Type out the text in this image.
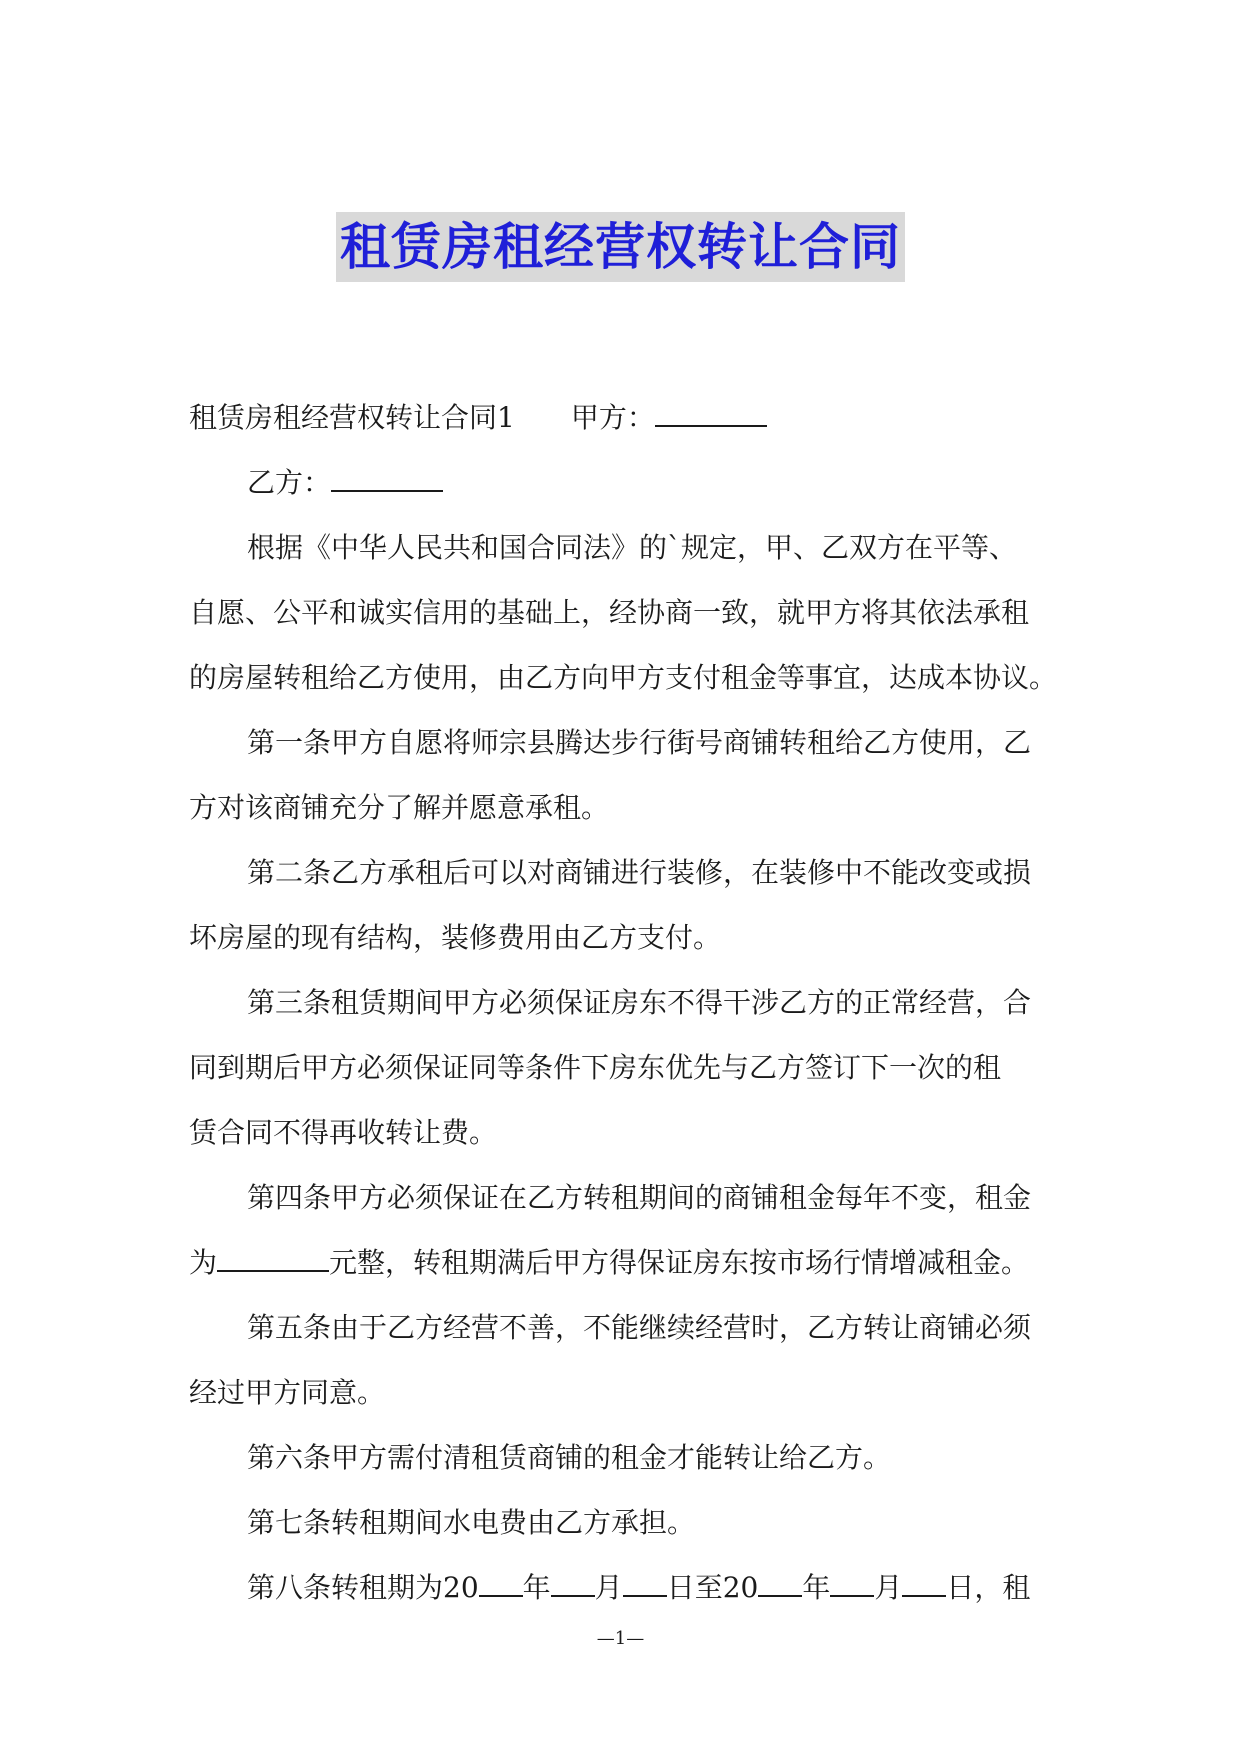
租赁房租经营权转让合同
租赁房租经营权转让合同1 甲方：
乙方：
根据《中华人民共和国合同法》的`规定，甲、乙双方在平等、
自愿、公平和诚实信用的基础上，经协商一致，就甲方将其依法承租
的房屋转租给乙方使用，由乙方向甲方支付租金等事宜，达成本协议。
第一条甲方自愿将师宗县腾达步行街号商铺转租给乙方使用，乙
方对该商铺充分了解并愿意承租。
第二条乙方承租后可以对商铺进行装修，在装修中不能改变或损
坏房屋的现有结构，装修费用由乙方支付。
第三条租赁期间甲方必须保证房东不得干涉乙方的正常经营，合
同到期后甲方必须保证同等条件下房东优先与乙方签订下一次的租
赁合同不得再收转让费。
第四条甲方必须保证在乙方转租期间的商铺租金每年不变，租金
为	元整，转租期满后甲方得保证房东按市场行情增减租金。
第五条由于乙方经营不善，不能继续经营时，乙方转让商铺必须
经过甲方同意。
第六条甲方需付清租赁商铺的租金才能转让给乙方。
第七条转租期间水电费由乙方承担。
第八条转租期为20 年 月 日至20 年 月 日，租
—1—
